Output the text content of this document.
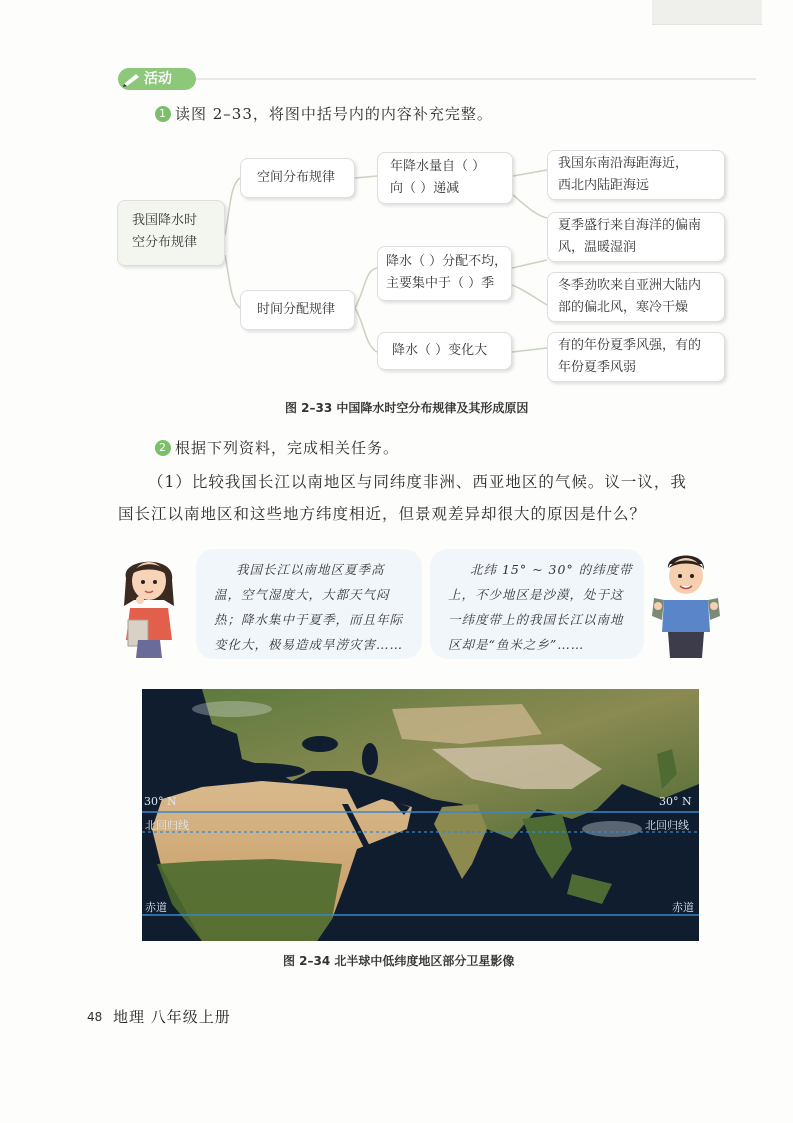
活动
1 读图 2–33，将图中括号内的内容补充完整。
我国降水时
空分布规律
空间分布规律
时间分配规律
年降水量自（ ）
向（ ）递减
降水（ ）分配不均，
主要集中于（ ）季
降水（ ）变化大
我国东南沿海距海近，
西北内陆距海远
夏季盛行来自海洋的偏南
风，温暖湿润
冬季劲吹来自亚洲大陆内
部的偏北风，寒冷干燥
有的年份夏季风强，有的
年份夏季风弱
图 2–33 中国降水时空分布规律及其形成原因
2 根据下列资料，完成相关任务。
（1）比较我国长江以南地区与同纬度非洲、西亚地区的气候。议一议，我
国长江以南地区和这些地方纬度相近，但景观差异却很大的原因是什么？
我国长江以南地区夏季高
温，空气湿度大，大都天气闷
热；降水集中于夏季，而且年际
变化大，极易造成旱涝灾害……
北纬 15° ~ 30° 的纬度带
上，不少地区是沙漠，处于这
一纬度带上的我国长江以南地
区却是“鱼米之乡”……
30° N	30° N
北回归线	北回归线
赤道	赤道
图 2–34 北半球中低纬度地区部分卫星影像
48 地理 八年级上册
